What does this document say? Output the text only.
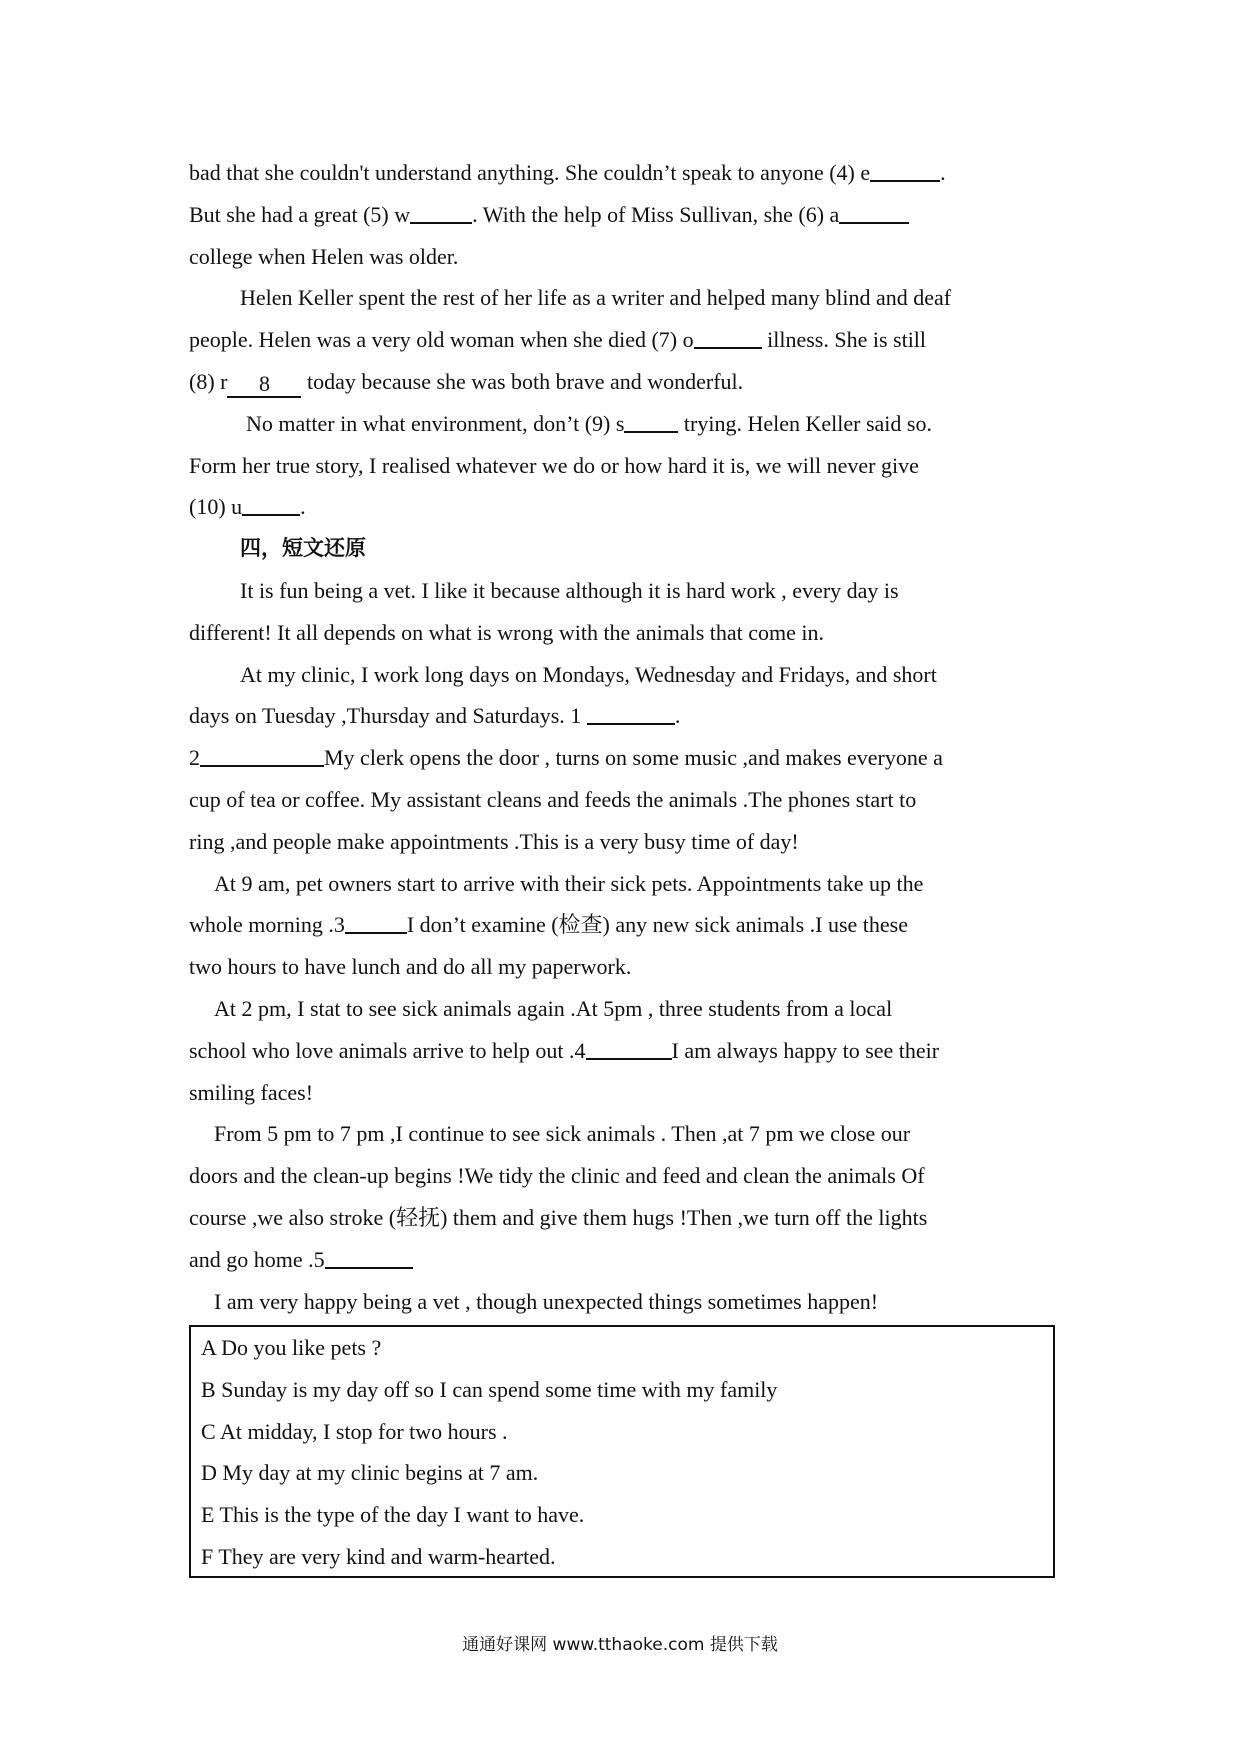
bad that she couldn't understand anything. She couldn’t speak to anyone (4) e	.
But she had a great (5) w	. With the help of Miss Sullivan, she (6) a
college when Helen was older.
Helen Keller spent the rest of her life as a writer and helped many blind and deaf
people. Helen was a very old woman when she died (7) o	illness. She is still
(8) r 8 today because she was both brave and wonderful.
No matter in what environment, don’t (9) s trying. Helen Keller said so.
Form her true story, I realised whatever we do or how hard it is, we will never give
(10) u	.
四，短文还原
It is fun being a vet. I like it because although it is hard work , every day is
different! It all depends on what is wrong with the animals that come in.
At my clinic, I work long days on Mondays, Wednesday and Fridays, and short
days on Tuesday ,Thursday and Saturdays. 1	.
2	My clerk opens the door , turns on some music ,and makes everyone a
cup of tea or coffee. My assistant cleans and feeds the animals .The phones start to
ring ,and people make appointments .This is a very busy time of day!
At 9 am, pet owners start to arrive with their sick pets. Appointments take up the
whole morning .3	I don’t examine (检查) any new sick animals .I use these
two hours to have lunch and do all my paperwork.
At 2 pm, I stat to see sick animals again .At 5pm , three students from a local
school who love animals arrive to help out .4	I am always happy to see their
smiling faces!
From 5 pm to 7 pm ,I continue to see sick animals . Then ,at 7 pm we close our
doors and the clean-up begins !We tidy the clinic and feed and clean the animals Of
course ,we also stroke (轻抚) them and give them hugs !Then ,we turn off the lights
and go home .5
I am very happy being a vet , though unexpected things sometimes happen!
A Do you like pets ?
B Sunday is my day off so I can spend some time with my family
C At midday, I stop for two hours .
D My day at my clinic begins at 7 am.
E This is the type of the day I want to have.
F They are very kind and warm-hearted.
通通好课网 www.tthaoke.com 提供下载
